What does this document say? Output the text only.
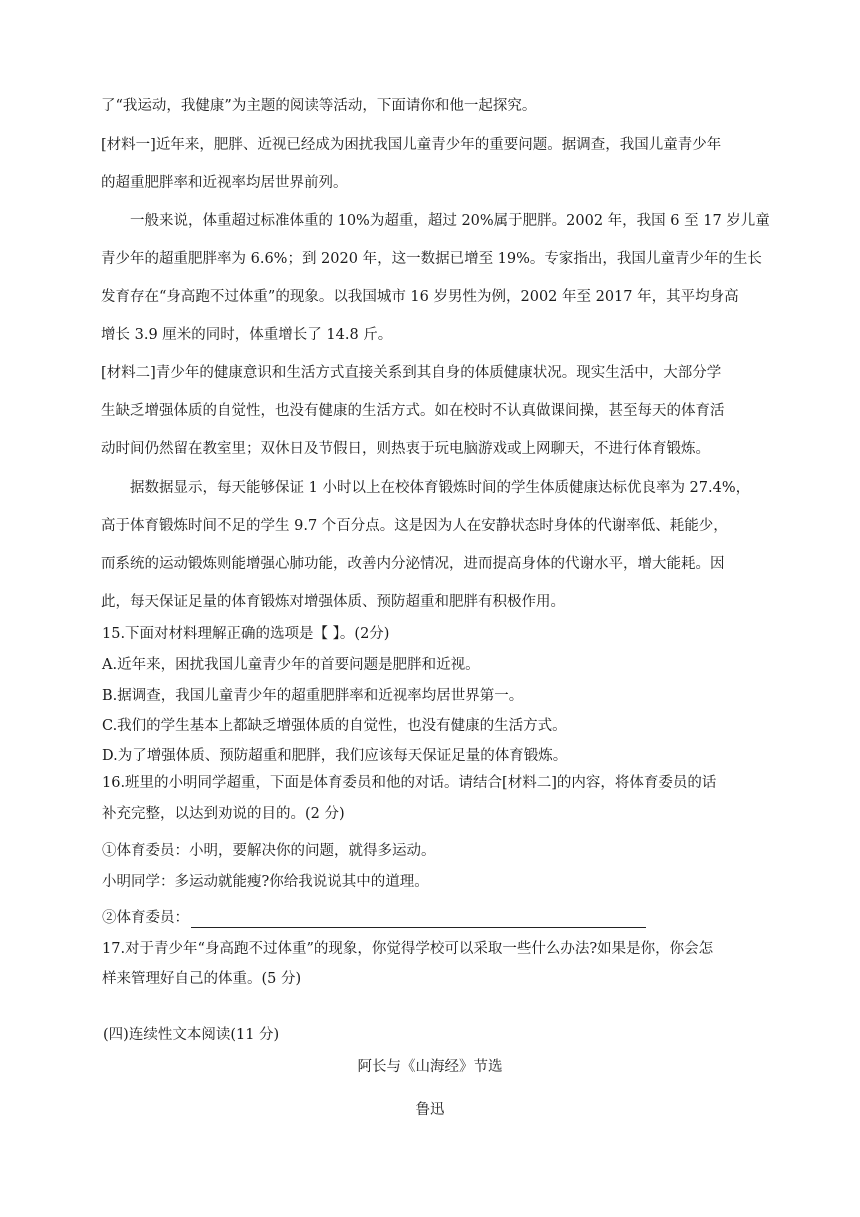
了“我运动，我健康”为主题的阅读等活动，下面请你和他一起探究。
[材料一]近年来，肥胖、近视已经成为困扰我国儿童青少年的重要问题。据调查，我国儿童青少年
的超重肥胖率和近视率均居世界前列。
一般来说，体重超过标准体重的 10%为超重，超过 20%属于肥胖。2002 年，我国 6 至 17 岁儿童
青少年的超重肥胖率为 6.6%；到 2020 年，这一数据已增至 19%。专家指出，我国儿童青少年的生长
发育存在“身高跑不过体重”的现象。以我国城市 16 岁男性为例，2002 年至 2017 年，其平均身高
增长 3.9 厘米的同时，体重增长了 14.8 斤。
[材料二]青少年的健康意识和生活方式直接关系到其自身的体质健康状况。现实生活中，大部分学
生缺乏增强体质的自觉性，也没有健康的生活方式。如在校时不认真做课间操，甚至每天的体育活
动时间仍然留在教室里；双休日及节假日，则热衷于玩电脑游戏或上网聊天，不进行体育锻炼。
据数据显示，每天能够保证 1 小时以上在校体育锻炼时间的学生体质健康达标优良率为 27.4%，
高于体育锻炼时间不足的学生 9.7 个百分点。这是因为人在安静状态时身体的代谢率低、耗能少，
而系统的运动锻炼则能增强心肺功能，改善内分泌情况，进而提高身体的代谢水平，增大能耗。因
此，每天保证足量的体育锻炼对增强体质、预防超重和肥胖有积极作用。
15.下面对材料理解正确的选项是【 】。(2分)
A.近年来，困扰我国儿童青少年的首要问题是肥胖和近视。
B.据调查，我国儿童青少年的超重肥胖率和近视率均居世界第一。
C.我们的学生基本上都缺乏增强体质的自觉性，也没有健康的生活方式。
D.为了增强体质、预防超重和肥胖，我们应该每天保证足量的体育锻炼。
16.班里的小明同学超重，下面是体育委员和他的对话。请结合[材料二]的内容，将体育委员的话
补充完整，以达到劝说的目的。(2 分)
①体育委员：小明，要解决你的问题，就得多运动。
小明同学：多运动就能瘦?你给我说说其中的道理。
②体育委员：
17.对于青少年“身高跑不过体重”的现象，你觉得学校可以采取一些什么办法?如果是你，你会怎
样来管理好自己的体重。(5 分)
(四)连续性文本阅读(11 分)
阿长与《山海经》节选
鲁迅
